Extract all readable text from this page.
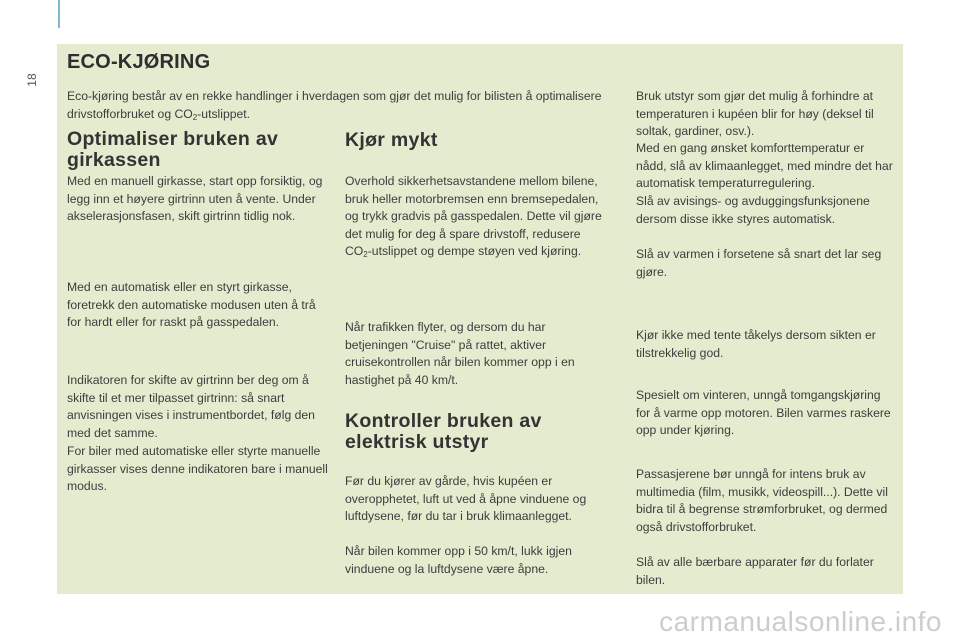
18
ECO-KJØRING

Eco-kjøring består av en rekke handlinger i hverdagen som gjør det mulig for bilisten å optimalisere drivstofforbruket og $CO_2$-utslippet.

Optimaliser bruken av
girkassen

Med en manuell girkasse, start opp forsiktig, og legg inn et høyere girtrinn uten å vente. Under akselerasjonsfasen, skift girtrinn tidlig nok.

Med en automatisk eller en styrt girkasse, foretrekk den automatiske modusen uten å trå for hardt eller for raskt på gasspedalen.

Indikatoren for skifte av girtrinn ber deg om å skifte til et mer tilpasset girtrinn: så snart anvisningen vises i instrumentbordet, følg den med det samme.

For biler med automatiske eller styrte manuelle girkasser vises denne indikatoren bare i manuell modus.

Kjør mykt

Overhold sikkerhetsavstandene mellom bilene, bruk heller motorbremsen enn bremsepedalen, og trykk gradvis på gasspedalen. Dette vil gjøre det mulig for deg å spare drivstoff, redusere $CO_2$-utslippet og dempe støyen ved kjøring.

Når trafikken flyter, og dersom du har betjeningen "Cruise" på rattet, aktiver cruisekontrollen når bilen kommer opp i en hastighet på 40 km/t.

Kontroller bruken av
elektrisk utstyr

Før du kjører av gårde, hvis kupéen er overopphetet, luft ut ved å åpne vinduene og luftdysene, før du tar i bruk klimaanlegget.

Når bilen kommer opp i 50 km/t, lukk igjen vinduene og la luftdysene være åpne.

Bruk utstyr som gjør det mulig å forhindre at temperaturen i kupéen blir for høy (deksel til soltak, gardiner, osv.).

Med en gang ønsket komforttemperatur er nådd, slå av klimaanlegget, med mindre det har automatisk temperaturregulering.

Slå av avisings- og avduggingsfunksjonene dersom disse ikke styres automatisk.

Slå av varmen i forsetene så snart det lar seg gjøre.

Kjør ikke med tente tåkelys dersom sikten er tilstrekkelig god.

Spesielt om vinteren, unngå tomgangskjøring for å varme opp motoren. Bilen varmes raskere opp under kjøring.

Passasjerene bør unngå for intens bruk av multimedia (film, musikk, videospill...). Dette vil bidra til å begrense strømforbruket, og dermed også drivstofforbruket.

Slå av alle bærbare apparater før du forlater bilen.

carmanualsonline.info
